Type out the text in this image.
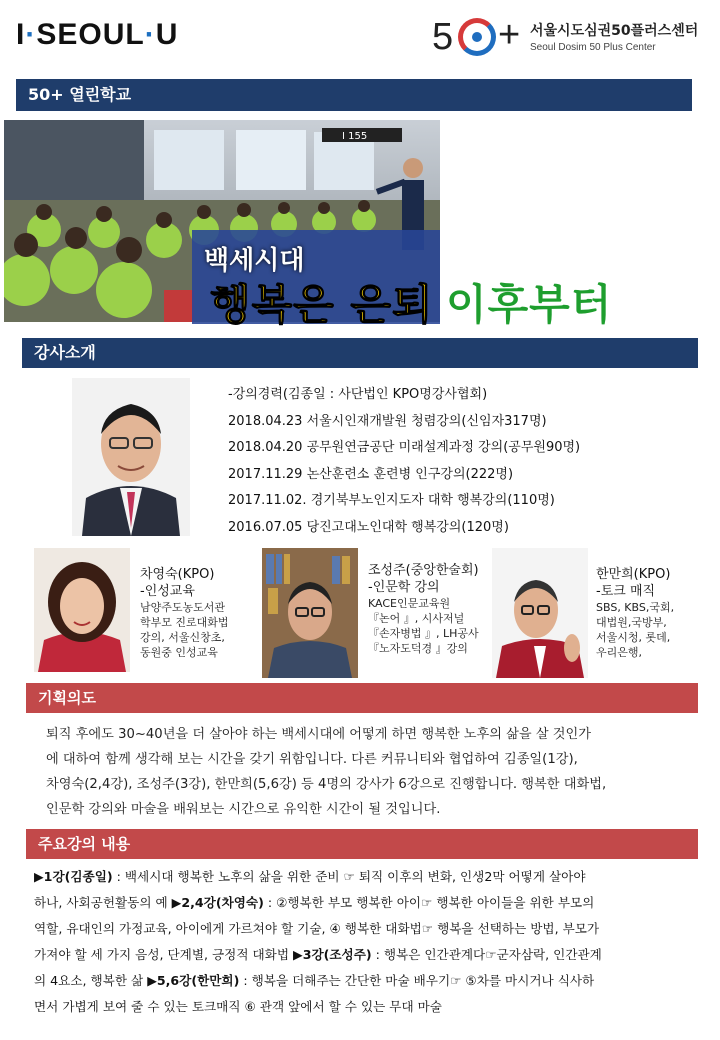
I·SEOUL·U	5 + 서울시도심권50플러스센터
Seoul Dosim 50 Plus Center
50+ 열린학교
I 155
백세시대
행복은 은퇴 이후부터
강사소개
-강의경력(김종일 : 사단법인 KPO명강사협회)
2018.04.23 서울시인재개발원 청렴강의(신임자317명)
2018.04.20 공무원연금공단 미래설계과정 강의(공무원90명)
2017.11.29 논산훈련소 훈련병 인구강의(222명)
2017.11.02. 경기북부노인지도자 대학 행복강의(110명)
2016.07.05 당진고대노인대학 행복강의(120명)
차영숙(KPO)
-인성교육
남양주도농도서관
학부모 진로대화법
강의, 서울신창초,
동원중 인성교육
조성주(중앙한술회)
-인문학 강의
KACE인문교육원
『논어 』, 시사저널
『손자병법 』, LH공사
『노자도덕경 』강의
한만희(KPO)
-토크 매직
SBS, KBS,국회,
대법원,국방부,
서울시청, 롯데,
우리은행,
기획의도
퇴직 후에도 30~40년을 더 살아야 하는 백세시대에 어떻게 하면 행복한 노후의 삶을 살 것인가
에 대하여 함께 생각해 보는 시간을 갖기 위함입니다. 다른 커뮤니티와 협업하여 김종일(1강),
차영숙(2,4강), 조성주(3강), 한만희(5,6강) 등 4명의 강사가 6강으로 진행합니다. 행복한 대화법,
인문학 강의와 마술을 배워보는 시간으로 유익한 시간이 될 것입니다.
주요강의 내용
▶1강(김종일) : 백세시대 행복한 노후의 삶을 위한 준비 ☞ 퇴직 이후의 변화, 인생2막 어떻게 살아야
하나, 사회공헌활동의 예 ▶2,4강(차영숙) : ②행복한 부모 행복한 아이☞ 행복한 아이들을 위한 부모의
역할, 유대인의 가정교육, 아이에게 가르쳐야 할 기술, ④ 행복한 대화법☞ 행복을 선택하는 방법, 부모가
가져야 할 세 가지 음성, 단계별, 긍정적 대화법 ▶3강(조성주) : 행복은 인간관계다☞군자삼락, 인간관계
의 4요소, 행복한 삶 ▶5,6강(한만희) : 행복을 더해주는 간단한 마술 배우기☞ ⑤차를 마시거나 식사하
면서 가볍게 보여 줄 수 있는 토크매직 ⑥ 관객 앞에서 할 수 있는 무대 마술
